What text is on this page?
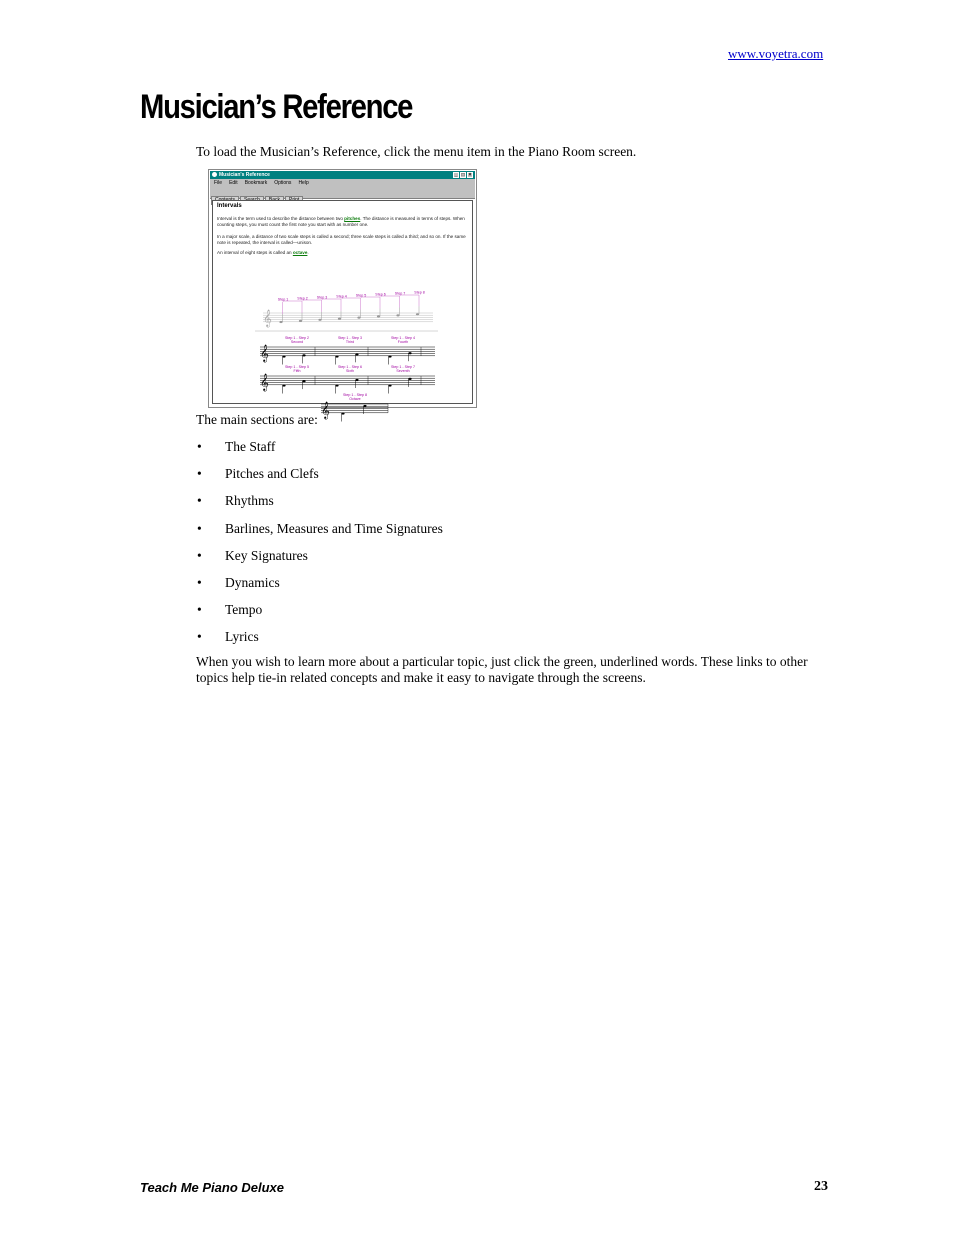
www.voyetra.com
Musician’s Reference
To load the Musician’s Reference, click the menu item in the Piano Room screen.
Musician's Reference	_ □ ×
File Edit Bookmark Options Help
Intervals
Interval is the term used to describe the distance between two pitches. The distance is measured in terms of steps. When counting steps, you must count the first note you start with as number one.
In a major scale, a distance of two scale steps is called a second; three scale steps is called a third; and so on. If the same note is repeated, the interval is called—unison.
An interval of eight steps is called an octave.
𝄞
Step 1	Step 2	Step 3	Step 4	Step 5	Step 6	Step 7	Step 8
𝄞
Step 1 - Step 2
Second
Step 1 - Step 3
Third
Step 1 - Step 4
Fourth
𝄞
Step 1 - Step 5
Fifth
Step 1 - Step 6
Sixth
Step 1 - Step 7
Seventh
𝄞
Step 1 - Step 8
Octave
The main sections are:
• The Staff
• Pitches and Clefs
• Rhythms
• Barlines, Measures and Time Signatures
• Key Signatures
• Dynamics
• Tempo
• Lyrics
When you wish to learn more about a particular topic, just click the green, underlined words. These links to other topics help tie-in related concepts and make it easy to navigate through the screens.
Teach Me Piano Deluxe	23
